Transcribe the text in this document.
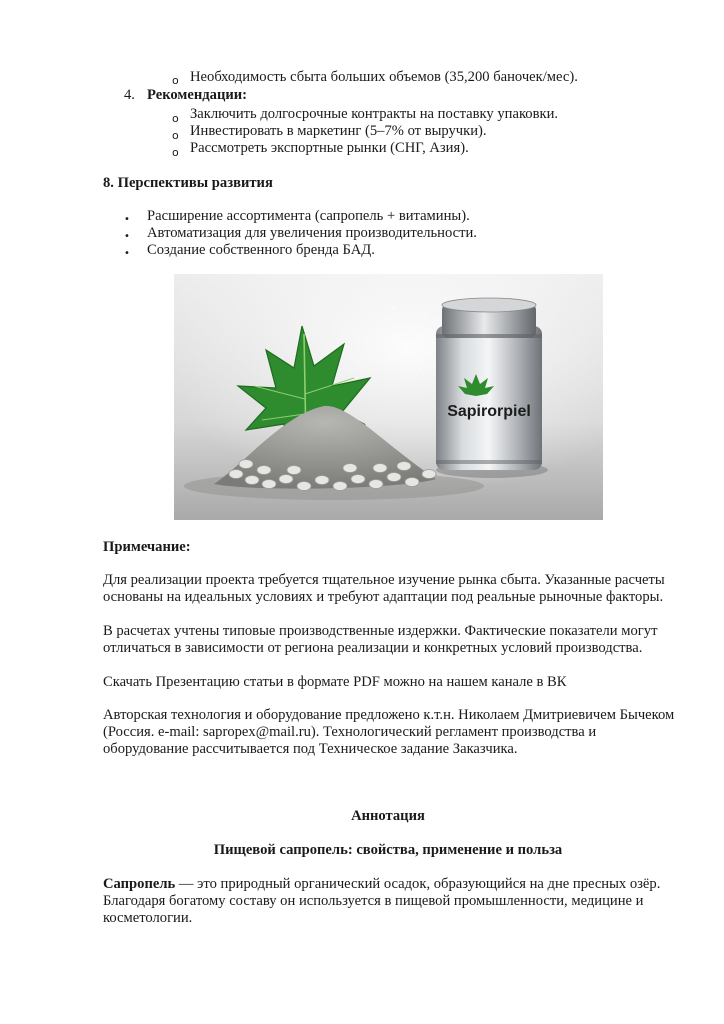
o Необходимость сбыта больших объемов (35,200 баночек/мес).
4. Рекомендации:
o Заключить долгосрочные контракты на поставку упаковки.
o Инвестировать в маркетинг (5–7% от выручки).
o Рассмотреть экспортные рынки (СНГ, Азия).
8. Перспективы развития
• Расширение ассортимента (сапропель + витамины).
• Автоматизация для увеличения производительности.
• Создание собственного бренда БАД.
Sapirorpiel
Примечание:

Для реализации проекта требуется тщательное изучение рынка сбыта. Указанные расчеты основаны на идеальных условиях и требуют адаптации под реальные рыночные факторы.

В расчетах учтены типовые производственные издержки. Фактические показатели могут отличаться в зависимости от региона реализации и конкретных условий производства.

Скачать Презентацию статьи в формате PDF можно на нашем канале в ВК

Авторская технология и оборудование предложено к.т.н. Николаем Дмитриевичем Бычеком (Россия. e-mail: sapropeх@mail.ru). Технологический регламент производства и оборудование рассчитывается под Техническое задание Заказчика.

Аннотация
Пищевой сапропель: свойства, применение и польза

Сапропель — это природный органический осадок, образующийся на дне пресных озёр. Благодаря богатому составу он используется в пищевой промышленности, медицине и косметологии.
